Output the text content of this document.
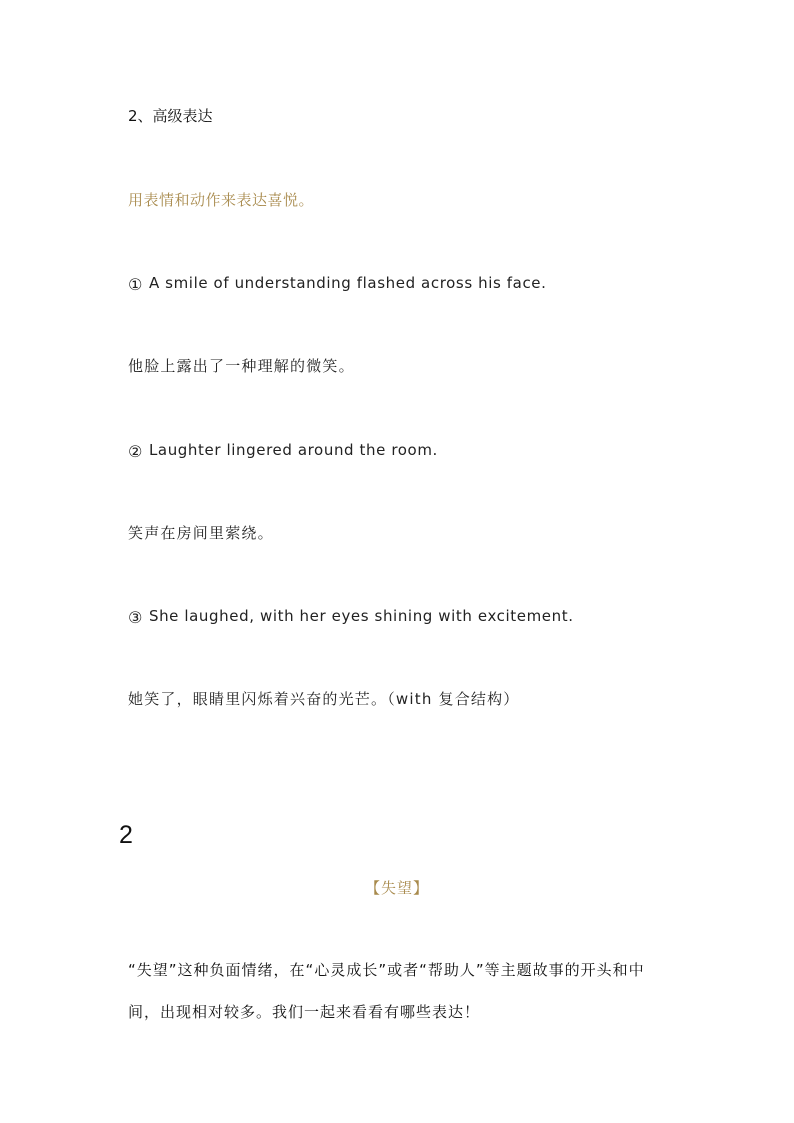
2、高级表达
用表情和动作来表达喜悦。
① A smile of understanding flashed across his face.
他脸上露出了一种理解的微笑。
② Laughter lingered around the room.
笑声在房间里萦绕。
③ She laughed, with her eyes shining with excitement.
她笑了，眼睛里闪烁着兴奋的光芒。（with 复合结构）
2
【失望】
“失望”这种负面情绪，在“心灵成长”或者“帮助人”等主题故事的开头和中
间，出现相对较多。我们一起来看看有哪些表达！
